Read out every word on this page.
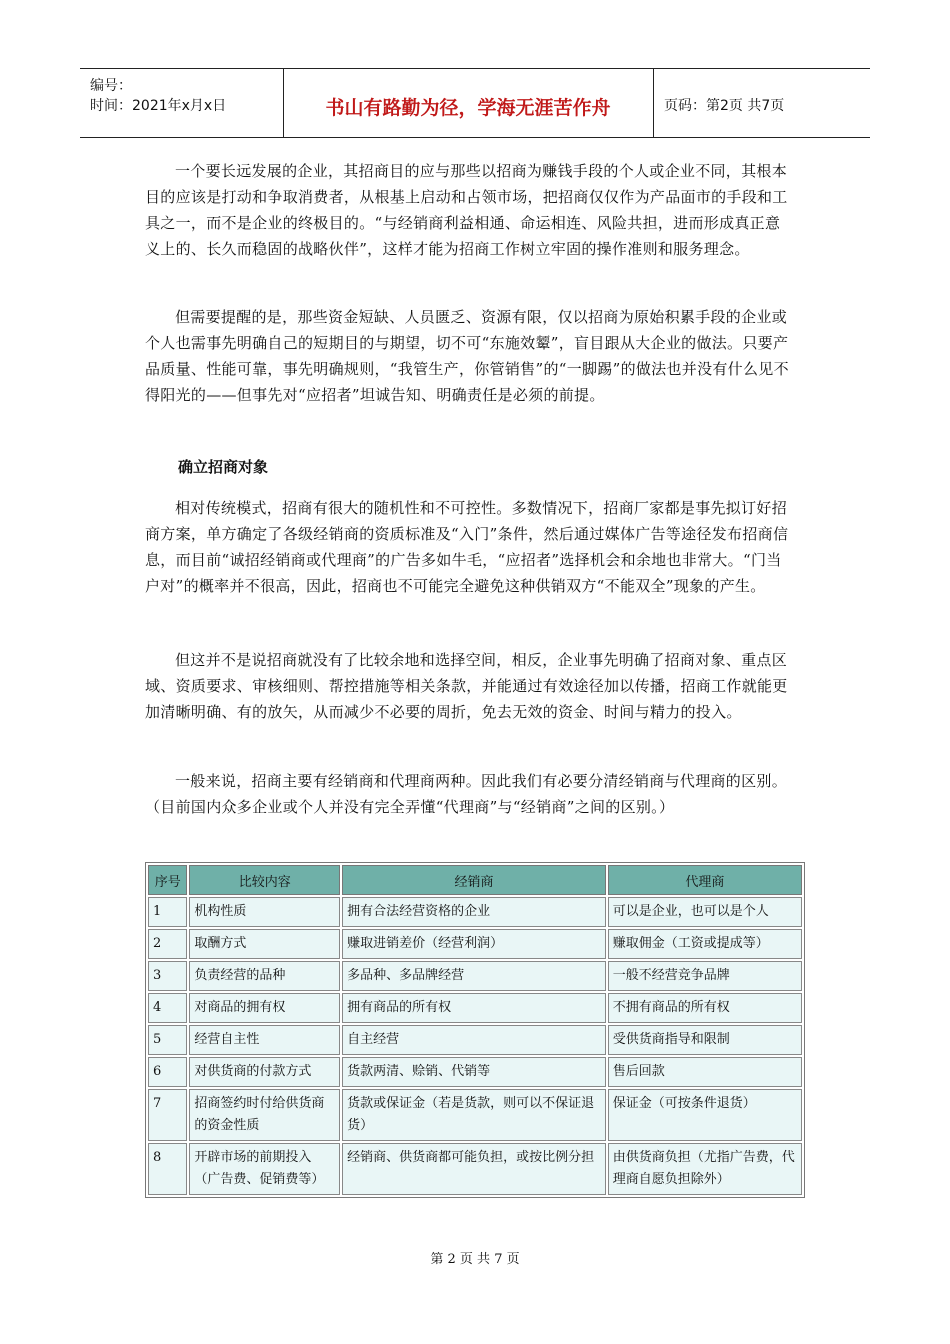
编号：
时间：2021年x月x日	书山有路勤为径，学海无涯苦作舟	页码：第2页 共7页

一个要长远发展的企业，其招商目的应与那些以招商为赚钱手段的个人或企业不同，其根本目的应该是打动和争取消费者，从根基上启动和占领市场，把招商仅仅作为产品面市的手段和工具之一，而不是企业的终极目的。“与经销商利益相通、命运相连、风险共担，进而形成真正意义上的、长久而稳固的战略伙伴”，这样才能为招商工作树立牢固的操作准则和服务理念。

但需要提醒的是，那些资金短缺、人员匮乏、资源有限，仅以招商为原始积累手段的企业或个人也需事先明确自己的短期目的与期望，切不可“东施效颦”，盲目跟从大企业的做法。只要产品质量、性能可靠，事先明确规则，“我管生产，你管销售”的“一脚踢”的做法也并没有什么见不得阳光的——但事先对“应招者”坦诚告知、明确责任是必须的前提。

确立招商对象

相对传统模式，招商有很大的随机性和不可控性。多数情况下，招商厂家都是事先拟订好招商方案，单方确定了各级经销商的资质标准及“入门”条件，然后通过媒体广告等途径发布招商信息，而目前“诚招经销商或代理商”的广告多如牛毛，“应招者”选择机会和余地也非常大。“门当户对”的概率并不很高，因此，招商也不可能完全避免这种供销双方“不能双全”现象的产生。

但这并不是说招商就没有了比较余地和选择空间，相反，企业事先明确了招商对象、重点区域、资质要求、审核细则、帮控措施等相关条款，并能通过有效途径加以传播，招商工作就能更加清晰明确、有的放矢，从而减少不必要的周折，免去无效的资金、时间与精力的投入。

一般来说，招商主要有经销商和代理商两种。因此我们有必要分清经销商与代理商的区别。（目前国内众多企业或个人并没有完全弄懂“代理商”与“经销商”之间的区别。）

序号	比较内容	经销商	代理商
1	机构性质	拥有合法经营资格的企业	可以是企业，也可以是个人
2	取酬方式	赚取进销差价（经营利润）	赚取佣金（工资或提成等）
3	负责经营的品种	多品种、多品牌经营	一般不经营竞争品牌
4	对商品的拥有权	拥有商品的所有权	不拥有商品的所有权
5	经营自主性	自主经营	受供货商指导和限制
6	对供货商的付款方式	货款两清、赊销、代销等	售后回款
7	招商签约时付给供货商的资金性质	货款或保证金（若是货款，则可以不保证退货）	保证金（可按条件退货）
8	开辟市场的前期投入（广告费、促销费等）	经销商、供货商都可能负担，或按比例分担	由供货商负担（尤指广告费，代理商自愿负担除外）
第 2 页 共 7 页
